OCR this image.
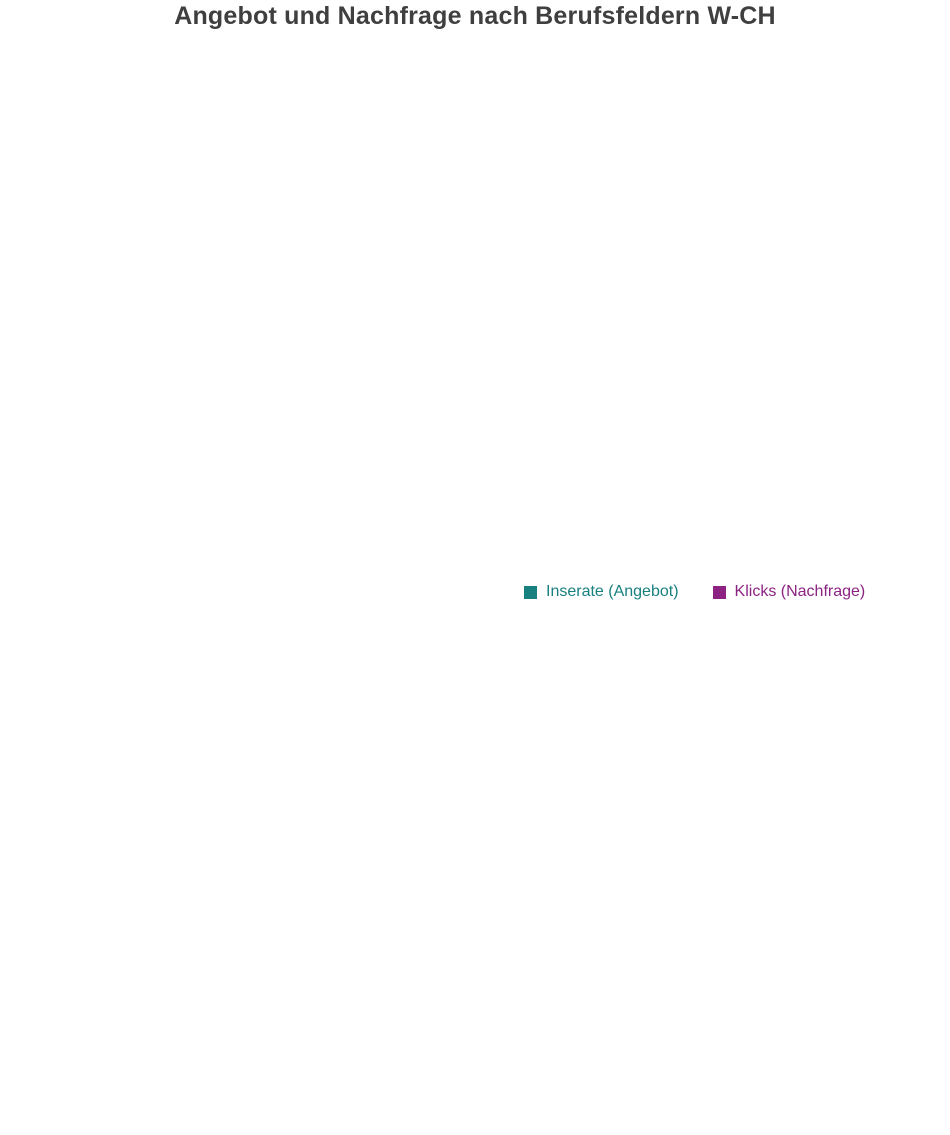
Angebot und Nachfrage nach Berufsfeldern W-CH
Inserate (Angebot)	Klicks (Nachfrage)
